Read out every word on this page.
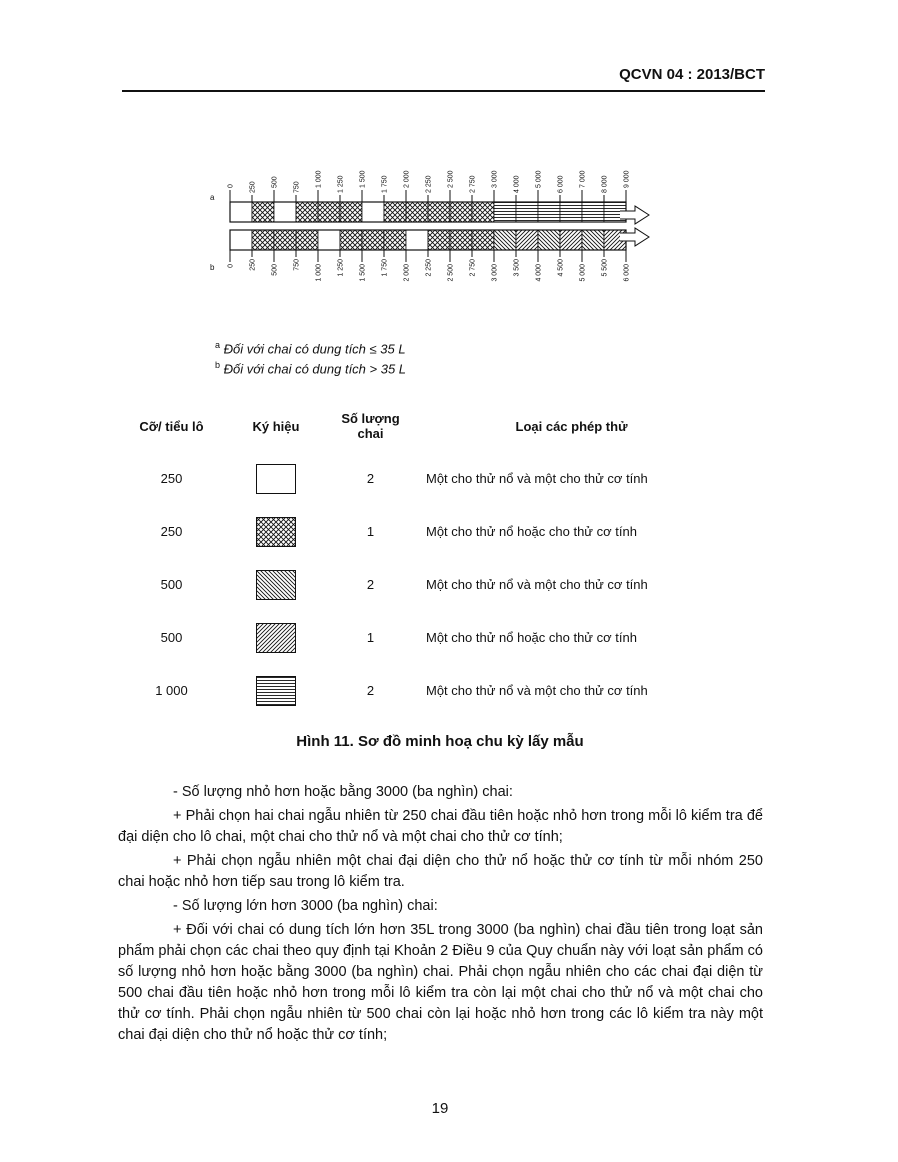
QCVN 04 : 2013/BCT
0 250 500 750 1 000 1 250 1 500 1 750 2 000 2 250 2 500 2 750 3 000 4 000 5 000 6 000 7 000 8 000 9 000
a
0 250 500 750 1 000 1 250 1 500 1 750 2 000 2 250 2 500 2 750 3 000 3 500 4 000 4 500 5 000 5 500 6 000
b
$^a$ Đối với chai có dung tích ≤ 35 L
$^b$ Đối với chai có dung tích > 35 L
Cỡ/ tiểu lô	Ký hiệu	Số lượng chai	Loại các phép thử
250		2	Một cho thử nổ và một cho thử cơ tính
250		1	Một cho thử nổ hoặc cho thử cơ tính
500		2	Một cho thử nổ và một cho thử cơ tính
500		1	Một cho thử nổ hoặc cho thử cơ tính
1 000		2	Một cho thử nổ và một cho thử cơ tính
Hình 11. Sơ đồ minh hoạ chu kỳ lấy mẫu

- Số lượng nhỏ hơn hoặc bằng 3000 (ba nghìn) chai:

+ Phải chọn hai chai ngẫu nhiên từ 250 chai đầu tiên hoặc nhỏ hơn trong mỗi lô kiểm tra để đại diện cho lô chai, một chai cho thử nổ và một chai cho thử cơ tính;

+ Phải chọn ngẫu nhiên một chai đại diện cho thử nổ hoặc thử cơ tính từ mỗi nhóm 250 chai hoặc nhỏ hơn tiếp sau trong lô kiểm tra.

- Số lượng lớn hơn 3000 (ba nghìn) chai:

+ Đối với chai có dung tích lớn hơn 35L trong 3000 (ba nghìn) chai đầu tiên trong loạt sản phẩm phải chọn các chai theo quy định tại Khoản 2 Điều 9 của Quy chuẩn này với loạt sản phẩm có số lượng nhỏ hơn hoặc bằng 3000 (ba nghìn) chai. Phải chọn ngẫu nhiên cho các chai đại diện từ 500 chai đầu tiên hoặc nhỏ hơn trong mỗi lô kiểm tra còn lại một chai cho thử nổ và một chai cho thử cơ tính. Phải chọn ngẫu nhiên từ 500 chai còn lại hoặc nhỏ hơn trong các lô kiểm tra này một chai đại diện cho thử nổ hoặc thử cơ tính;

19
